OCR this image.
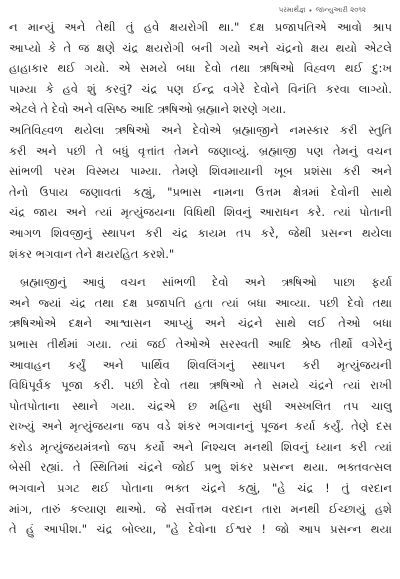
પરમાર્થજ્ઞ • જાન્યુઆરી ૨૦૧૨
ન માન્યું અને તેથી તું હવે ક્ષયરોગી થા." દક્ષ પ્રજાપતિએ આવો શ્રાપ
આપ્યો કે તે જ ક્ષણે ચંદ્ર ક્ષયરોગી બની ગયો અને ચંદ્રનો ક્ષય થયો એટલે
હાહાકાર થઈ ગયો. એ સમયે બધા દેવો તથા ઋષિઓ વિહ્વળ થઈ દુ:ખ
પામ્યા કે હવે શું કરવું? ચંદ્ર પણ ઈન્દ્ર વગેરે દેવોને વિનંતિ કરવા લાગ્યો.
એટલે તે દેવો અને વસિષ્ઠ આદિ ઋષિઓ બ્રહ્માને શરણે ગયા.
અતિવિહ્વળ થયેલા ઋષિઓ અને દેવોએ બ્રહ્માજીને નમસ્કાર કરી સ્તુતિ
કરી અને પછી તે બધું વૃત્તાંત તેમને જણાવ્યું. બ્રહ્માજી પણ તેમનું વચન
સાંભળી પરમ વિસ્મય પામ્યા. તેમણે શિવમાયાની ખૂબ પ્રશંસા કરી અને
તેનો ઉપાય જણાવતાં કહ્યું, "પ્રભાસ નામના ઉત્તમ ક્ષેત્રમાં દેવોની સાથે
ચંદ્ર જાય અને ત્યાં મૃત્યુંજયના વિધિથી શિવનું આરાધન કરે. ત્યાં પોતાની
આગળ શિવજીનું સ્થાપન કરી ચંદ્ર કાયમ તપ કરે, જેથી પ્રસન્ન થયેલા
શંકર ભગવાન તેને ક્ષયરહિત કરશે."
બ્રહ્માજીનું આવું વચન સાંભળી દેવો અને ઋષિઓ પાછા ફર્યા
અને જ્યાં ચંદ્ર તથા દક્ષ પ્રજાપતિ હતા ત્યાં બધા આવ્યા. પછી દેવો તથા
ઋષિઓએ દક્ષને આશ્વાસન આપ્યું અને ચંદ્રને સાથે લઈ તેઓ બધા
પ્રભાસ તીર્થમાં ગયા. ત્યાં જઈ તેઓએ સરસ્વતી આદિ શ્રેષ્ઠ તીર્થો વગેરેનું
આવાહન કર્યું અને પાર્થિવ શિવલિંગનું સ્થાપન કરી મૃત્યુંજયની
વિધિપૂર્વક પૂજા કરી. પછી દેવો તથા ઋષિઓ તે સમયે ચંદ્રને ત્યાં રાખી
પોતપોતાના સ્થાને ગયા. ચંદ્રએ છ મહિના સુધી અસ્ખલિત તપ ચાલુ
રાખ્યું અને મૃત્યુંજયના જપ વડે શંકર ભગવાનનું પૂજન કર્યા કર્યું. તેણે દસ
કરોડ મૃત્યુંજયમંત્રનો જપ કર્યો અને નિશ્ચલ મનથી શિવનું ધ્યાન કરી ત્યાં
બેસી રહ્યાં. તે સ્થિતિમાં ચંદ્રને જોઈ પ્રભુ શંકર પ્રસન્ન થયા. ભક્તવત્સલ
ભગવાને પ્રગટ થઈ પોતાના ભક્ત ચંદ્રને કહ્યું, "હે ચંદ્ર ! તું વરદાન
માંગ, તારું કલ્યાણ થાઓ. જે સર્વોત્તમ વરદાન તારા મનથી ઈચ્છાયું હશે
તે હું આપીશ." ચંદ્ર બોલ્યા, "હે દેવોના ઈશ્વર ! જો આપ પ્રસન્ન થયા
